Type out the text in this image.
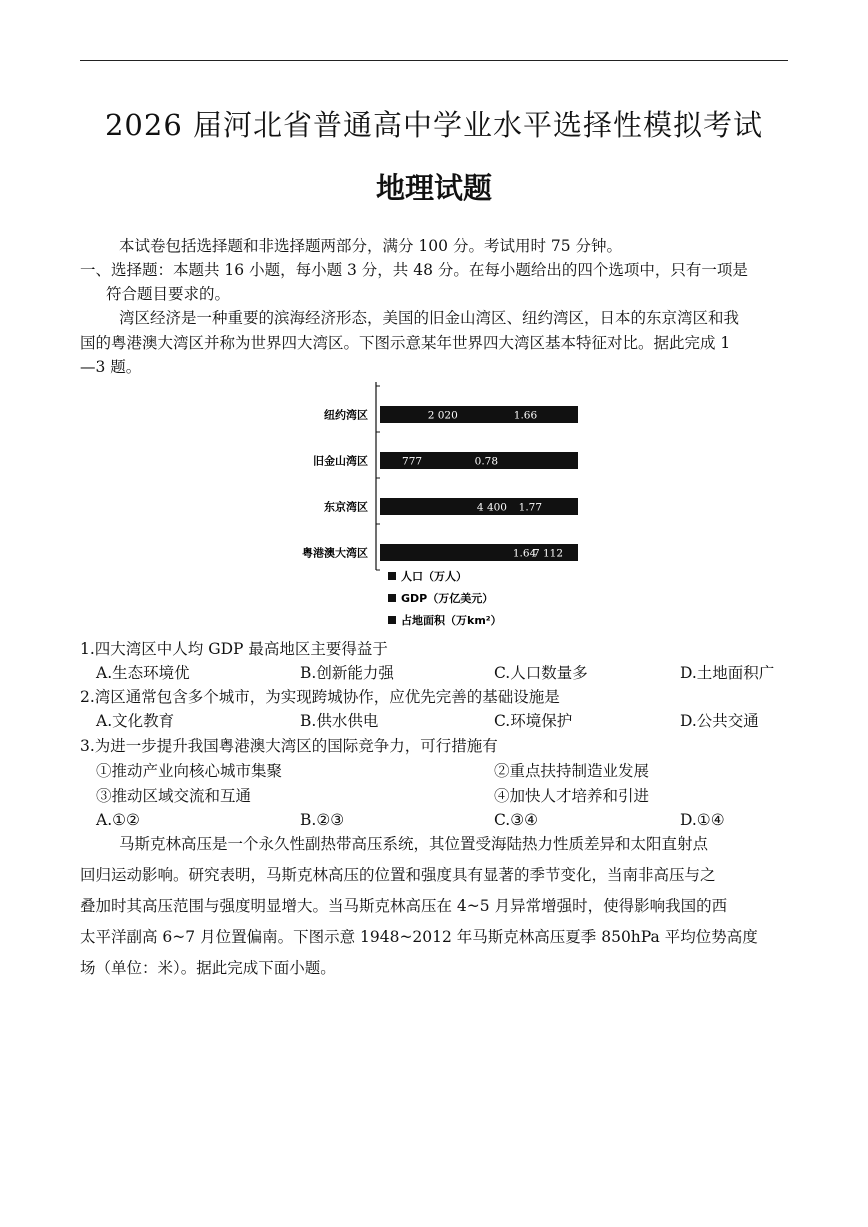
2026 届河北省普通高中学业水平选择性模拟考试
地理试题
本试卷包括选择题和非选择题两部分，满分 100 分。考试用时 75 分钟。
一、选择题：本题共 16 小题，每小题 3 分，共 48 分。在每小题给出的四个选项中，只有一项是
符合题目要求的。
湾区经济是一种重要的滨海经济形态，美国的旧金山湾区、纽约湾区，日本的东京湾区和我
国的粤港澳大湾区并称为世界四大湾区。下图示意某年世界四大湾区基本特征对比。据此完成 1
—3 题。
纽约湾区	2 020	1.66
旧金山湾区	777	0.78
东京湾区	4 400 1.77
粤港澳大湾区	7 112
1.64
人口（万人）
GDP（万亿美元）
占地面积（万km²）
1.四大湾区中人均 GDP 最高地区主要得益于
A.生态环境优	B.创新能力强	C.人口数量多	D.土地面积广
2.湾区通常包含多个城市，为实现跨城协作，应优先完善的基础设施是
A.文化教育	B.供水供电	C.环境保护	D.公共交通
3.为进一步提升我国粤港澳大湾区的国际竞争力，可行措施有
①推动产业向核心城市集聚	②重点扶持制造业发展
③推动区域交流和互通	④加快人才培养和引进
A.①②	B.②③	C.③④	D.①④
马斯克林高压是一个永久性副热带高压系统，其位置受海陆热力性质差异和太阳直射点
回归运动影响。研究表明，马斯克林高压的位置和强度具有显著的季节变化，当南非高压与之
叠加时其高压范围与强度明显增大。当马斯克林高压在 4~5 月异常增强时，使得影响我国的西
太平洋副高 6~7 月位置偏南。下图示意 1948~2012 年马斯克林高压夏季 850hPa 平均位势高度
场（单位：米）。据此完成下面小题。
